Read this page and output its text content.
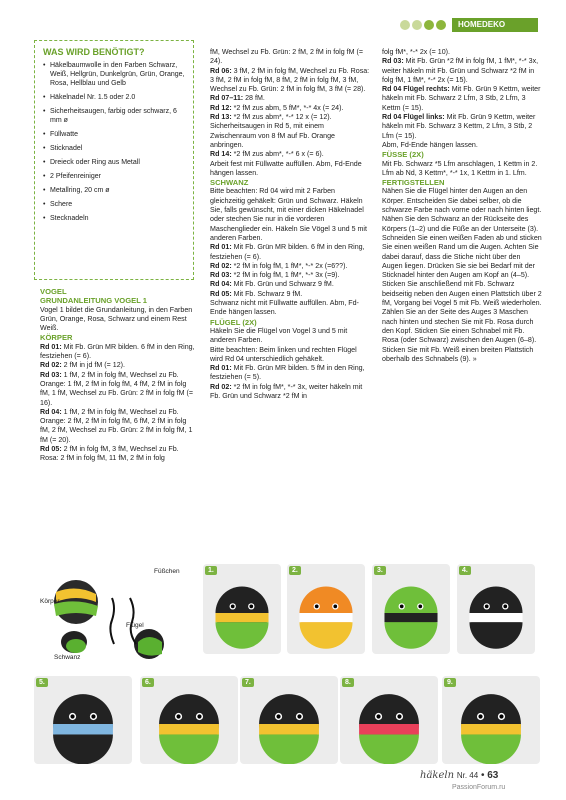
HOMEDEKO
WAS WIRD BENÖTIGT?
• Häkelbaumwolle in den Farben Schwarz, Weiß, Hellgrün, Dunkelgrün, Grün, Orange, Rosa, Hellblau und Gelb
• Häkelnadel Nr. 1.5 oder 2.0
• Sicherheitsaugen, farbig oder schwarz, 6 mm ø
• Füllwatte
• Sticknadel
• Dreieck oder Ring aus Metall
• 2 Pfeifenreiniger
• Metallring, 20 cm ø
• Schere
• Stecknadeln

VOGEL

GRUNDANLEITUNG VOGEL 1

Vogel 1 bildet die Grundanleitung, in den Farben Grün, Orange, Rosa, Schwarz und einem Rest Weiß.

KÖRPER

Rd 01: Mit Fb. Grün MR bilden. 6 fM in den Ring, festziehen (= 6).

Rd 02: 2 fM in jd fM (= 12).

Rd 03: 1 fM, 2 fM in folg fM, Wechsel zu Fb. Orange: 1 fM, 2 fM in folg fM, 4 fM, 2 fM in folg fM, 1 fM, Wechsel zu Fb. Grün: 2 fM in folg fM (= 16).

Rd 04: 1 fM, 2 fM in folg fM, Wechsel zu Fb. Orange: 2 fM, 2 fM in folg fM, 6 fM, 2 fM in folg fM, 2 fM, Wechsel zu Fb. Grün: 2 fM in folg fM, 1 fM (= 20).

Rd 05: 2 fM in folg fM, 3 fM, Wechsel zu Fb. Rosa: 2 fM in folg fM, 11 fM, 2 fM in folg

fM, Wechsel zu Fb. Grün: 2 fM, 2 fM in folg fM (= 24).

Rd 06: 3 fM, 2 fM in folg fM, Wechsel zu Fb. Rosa: 3 fM, 2 fM in folg fM, 8 fM, 2 fM in folg fM, 3 fM, Wechsel zu Fb. Grün: 2 fM in folg fM, 3 fM (= 28).

Rd 07–11: 28 fM.

Rd 12: *2 fM zus abm, 5 fM*, *-* 4x (= 24).

Rd 13: *2 fM zus abm*, *-* 12 x (= 12).

Sicherheitsaugen in Rd 5, mit einem Zwischenraum von 8 fM auf Fb. Orange anbringen.

Rd 14: *2 fM zus abm*, *-* 6 x (= 6).

Arbeit fest mit Füllwatte auffüllen. Abm, Fd-Ende hängen lassen.

SCHWANZ

Bitte beachten: Rd 04 wird mit 2 Farben gleichzeitig gehäkelt: Grün und Schwarz. Häkeln Sie, falls gewünscht, mit einer dicken Häkelnadel oder stechen Sie nur in die vorderen Maschenglieder ein. Häkeln Sie Vögel 3 und 5 mit anderen Farben.

Rd 01: Mit Fb. Grün MR bilden. 6 fM in den Ring, festziehen (= 6).

Rd 02: *2 fM in folg fM, 1 fM*, *-* 2x (=6??).

Rd 03: *2 fM in folg fM, 1 fM*, *-* 3x (=9).

Rd 04: Mit Fb. Grün und Schwarz 9 fM.

Rd 05: Mit Fb. Schwarz 9 fM.

Schwanz nicht mit Füllwatte auffüllen. Abm, Fd-Ende hängen lassen.

FLÜGEL (2X)

Häkeln Sie die Flügel von Vogel 3 und 5 mit anderen Farben.

Bitte beachten: Beim linken und rechten Flügel wird Rd 04 unterschiedlich gehäkelt.

Rd 01: Mit Fb. Grün MR bilden. 5 fM in den Ring, festziehen (= 5).

Rd 02: *2 fM in folg fM*, *-* 3x, weiter häkeln mit Fb. Grün und Schwarz *2 fM in

folg fM*, *-* 2x (= 10).

Rd 03: Mit Fb. Grün *2 fM in folg fM, 1 fM*, *-* 3x, weiter häkeln mit Fb. Grün und Schwarz *2 fM in folg fM, 1 fM*, *-* 2x (= 15).

Rd 04 Flügel rechts: Mit Fb. Grün 9 Kettm, weiter häkeln mit Fb. Schwarz 2 Lfm, 3 Stb, 2 Lfm, 3 Kettm (= 15).

Rd 04 Flügel links: Mit Fb. Grün 9 Kettm, weiter häkeln mit Fb. Schwarz 3 Kettm, 2 Lfm, 3 Stb, 2 Lfm (= 15).

Abm, Fd-Ende hängen lassen.

FÜSSE (2X)

Mit Fb. Schwarz *5 Lfm anschlagen, 1 Kettm in 2. Lfm ab Nd, 3 Kettm*, *-* 1x, 1 Kettm in 1. Lfm.

FERTIGSTELLEN

Nähen Sie die Flügel hinter den Augen an den Körper. Entscheiden Sie dabei selber, ob die schwarze Farbe nach vorne oder nach hinten liegt. Nähen Sie den Schwanz an der Rückseite des Körpers (1–2) und die Füße an der Unterseite (3). Schneiden Sie einen weißen Faden ab und sticken Sie einen weißen Rand um die Augen. Achten Sie dabei darauf, dass die Stiche nicht über den Augen liegen. Drücken Sie sie bei Bedarf mit der Sticknadel hinter den Augen am Kopf an (4–5).

Sticken Sie anschließend mit Fb. Schwarz beidseitig neben den Augen einen Plattstich über 2 fM, Vorgang bei Vogel 5 mit Fb. Weiß wiederholen.

Zählen Sie an der Seite des Auges 3 Maschen nach hinten und stechen Sie mit Fb. Rosa durch den Kopf. Sticken Sie einen Schnabel mit Fb. Rosa (oder Schwarz) zwischen den Augen (6–8).

Sticken Sie mit Fb. Weiß einen breiten Plattstich oberhalb des Schnabels (9). »

Körper
Füßchen
Flügel
Schwanz
1.	2.	3.	4.
5.	6.	7.	8.	9.
häkeln Nr. 44 • 63
PassionForum.ru
